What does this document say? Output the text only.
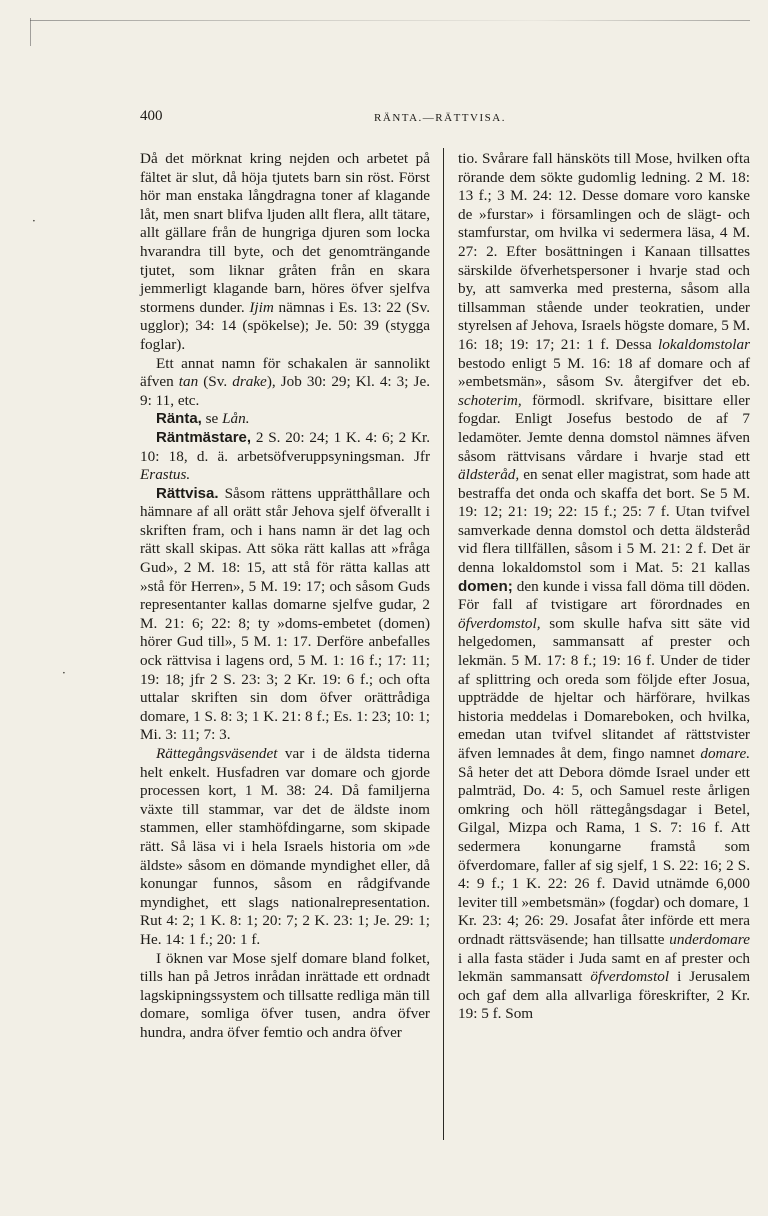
400	RÄNTA.—RÄTTVISA.

Då det mörknat kring nejden och arbetet på fältet är slut, då höja tjutets barn sin röst. Först hör man enstaka långdragna toner af klagande låt, men snart blifva ljuden allt flera, allt tätare, allt gällare från de hungriga djuren som locka hvarandra till byte, och det genomträngande tjutet, som liknar gråten från en skara jemmerligt klagande barn, höres öfver sjelfva stormens dunder. Ijim nämnas i Es. 13: 22 (Sv. ugglor); 34: 14 (spökelse); Je. 50: 39 (stygga foglar).

Ett annat namn för schakalen är sannolikt äfven tan (Sv. drake), Job 30: 29; Kl. 4: 3; Je. 9: 11, etc.

Ränta, se Lån.

Räntmästare, 2 S. 20: 24; 1 K. 4: 6; 2 Kr. 10: 18, d. ä. arbetsöfveruppsyningsman. Jfr Erastus.

Rättvisa. Såsom rättens upprätthållare och hämnare af all orätt står Jehova sjelf öfverallt i skriften fram, och i hans namn är det lag och rätt skall skipas. Att söka rätt kallas att »fråga Gud», 2 M. 18: 15, att stå för rätta kallas att »stå för Herren», 5 M. 19: 17; och såsom Guds representanter kallas domarne sjelfve gudar, 2 M. 21: 6; 22: 8; ty »doms-embetet (domen) hörer Gud till», 5 M. 1: 17. Derföre anbefalles ock rättvisa i lagens ord, 5 M. 1: 16 f.; 17: 11; 19: 18; jfr 2 S. 23: 3; 2 Kr. 19: 6 f.; och ofta uttalar skriften sin dom öfver orättrådiga domare, 1 S. 8: 3; 1 K. 21: 8 f.; Es. 1: 23; 10: 1; Mi. 3: 11; 7: 3.

Rättegångsväsendet var i de äldsta tiderna helt enkelt. Husfadren var domare och gjorde processen kort, 1 M. 38: 24. Då familjerna växte till stammar, var det de äldste inom stammen, eller stamhöfdingarne, som skipade rätt. Så läsa vi i hela Israels historia om »de äldste» såsom en dömande myndighet eller, då konungar funnos, såsom en rådgifvande myndighet, ett slags nationalrepresentation. Rut 4: 2; 1 K. 8: 1; 20: 7; 2 K. 23: 1; Je. 29: 1; He. 14: 1 f.; 20: 1 f.

I öknen var Mose sjelf domare bland folket, tills han på Jetros inrådan inrättade ett ordnadt lagskipningssystem och tillsatte redliga män till domare, somliga öfver tusen, andra öfver hundra, andra öfver femtio och andra öfver

tio. Svårare fall hänsköts till Mose, hvilken ofta rörande dem sökte gudomlig ledning. 2 M. 18: 13 f.; 3 M. 24: 12. Desse domare voro kanske de »furstar» i församlingen och de slägt- och stamfurstar, om hvilka vi sedermera läsa, 4 M. 27: 2. Efter bosättningen i Kanaan tillsattes särskilde öfverhetspersoner i hvarje stad och by, att samverka med presterna, såsom alla tillsamman stående under teokratien, under styrelsen af Jehova, Israels högste domare, 5 M. 16: 18; 19: 17; 21: 1 f. Dessa lokaldomstolar bestodo enligt 5 M. 16: 18 af domare och af »embetsmän», såsom Sv. återgifver det eb. schoterim, förmodl. skrifvare, bisittare eller fogdar. Enligt Josefus bestodo de af 7 ledamöter. Jemte denna domstol nämnes äfven såsom rättvisans vårdare i hvarje stad ett äldsteråd, en senat eller magistrat, som hade att bestraffa det onda och skaffa det bort. Se 5 M. 19: 12; 21: 19; 22: 15 f.; 25: 7 f. Utan tvifvel samverkade denna domstol och detta äldsteråd vid flera tillfällen, såsom i 5 M. 21: 2 f. Det är denna lokaldomstol som i Mat. 5: 21 kallas domen; den kunde i vissa fall döma till döden. För fall af tvistigare art förordnades en öfverdomstol, som skulle hafva sitt säte vid helgedomen, sammansatt af prester och lekmän. 5 M. 17: 8 f.; 19: 16 f. Under de tider af splittring och oreda som följde efter Josua, uppträdde de hjeltar och härförare, hvilkas historia meddelas i Domareboken, och hvilka, emedan utan tvifvel slitandet af rättstvister äfven lemnades åt dem, fingo namnet domare. Så heter det att Debora dömde Israel under ett palmträd, Do. 4: 5, och Samuel reste årligen omkring och höll rättegångsdagar i Betel, Gilgal, Mizpa och Rama, 1 S. 7: 16 f. Att sedermera konungarne framstå som öfverdomare, faller af sig sjelf, 1 S. 22: 16; 2 S. 4: 9 f.; 1 K. 22: 26 f. David utnämde 6,000 leviter till »embetsmän» (fogdar) och domare, 1 Kr. 23: 4; 26: 29. Josafat åter införde ett mera ordnadt rättsväsende; han tillsatte underdomare i alla fasta städer i Juda samt en af prester och lekmän sammansatt öfverdomstol i Jerusalem och gaf dem alla allvarliga föreskrifter, 2 Kr. 19: 5 f. Som

·
·
